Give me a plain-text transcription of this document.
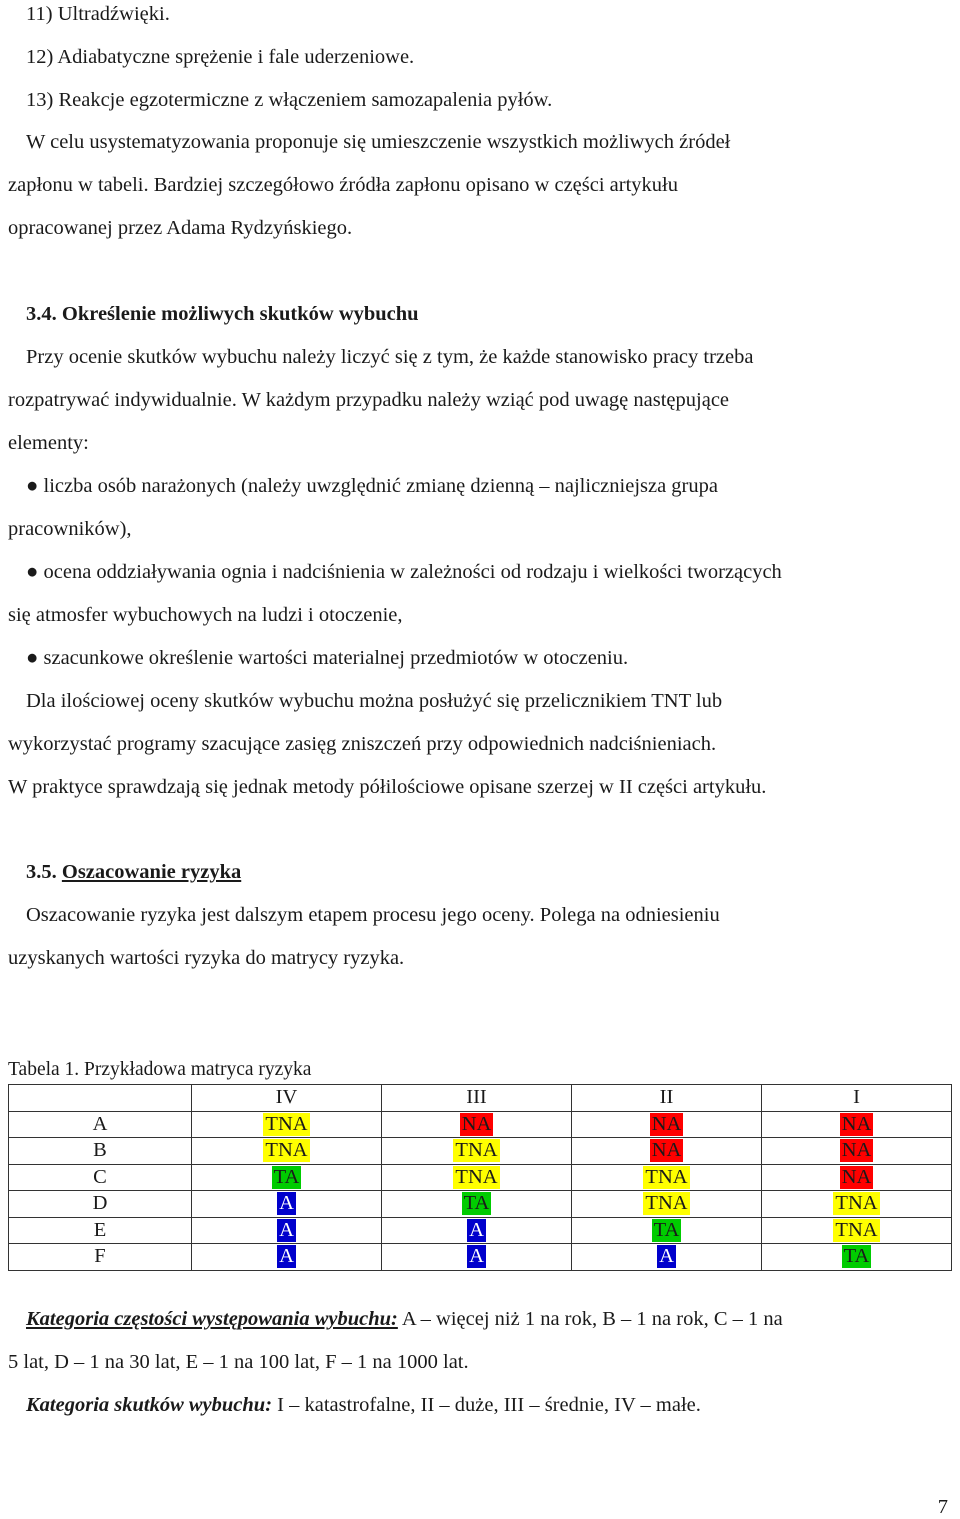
11) Ultradźwięki.
12) Adiabatyczne sprężenie i fale uderzeniowe.
13) Reakcje egzotermiczne z włączeniem samozapalenia pyłów.
W celu usystematyzowania proponuje się umieszczenie wszystkich możliwych źródeł
zapłonu w tabeli. Bardziej szczegółowo źródła zapłonu opisano w części artykułu
opracowanej przez Adama Rydzyńskiego.
3.4. Określenie możliwych skutków wybuchu
Przy ocenie skutków wybuchu należy liczyć się z tym, że każde stanowisko pracy trzeba
rozpatrywać indywidualnie. W każdym przypadku należy wziąć pod uwagę następujące
elementy:
● liczba osób narażonych (należy uwzględnić zmianę dzienną – najliczniejsza grupa
pracowników),
● ocena oddziaływania ognia i nadciśnienia w zależności od rodzaju i wielkości tworzących
się atmosfer wybuchowych na ludzi i otoczenie,
● szacunkowe określenie wartości materialnej przedmiotów w otoczeniu.
Dla ilościowej oceny skutków wybuchu można posłużyć się przelicznikiem TNT lub
wykorzystać programy szacujące zasięg zniszczeń przy odpowiednich nadciśnieniach.
W praktyce sprawdzają się jednak metody półilościowe opisane szerzej w II części artykułu.
3.5. Oszacowanie ryzyka
Oszacowanie ryzyka jest dalszym etapem procesu jego oceny. Polega na odniesieniu
uzyskanych wartości ryzyka do matrycy ryzyka.
Tabela 1. Przykładowa matryca ryzyka
	IV	III	II	I
A	TNA	NA	NA	NA
B	TNA	TNA	NA	NA
C	TA	TNA	TNA	NA
D	A	TA	TNA	TNA
E	A	A	TA	TNA
F	A	A	A	TA
Kategoria częstości występowania wybuchu: A – więcej niż 1 na rok, B – 1 na rok, C – 1 na
5 lat, D – 1 na 30 lat, E – 1 na 100 lat, F – 1 na 1000 lat.
Kategoria skutków wybuchu: I – katastrofalne, II – duże, III – średnie, IV – małe.
7
